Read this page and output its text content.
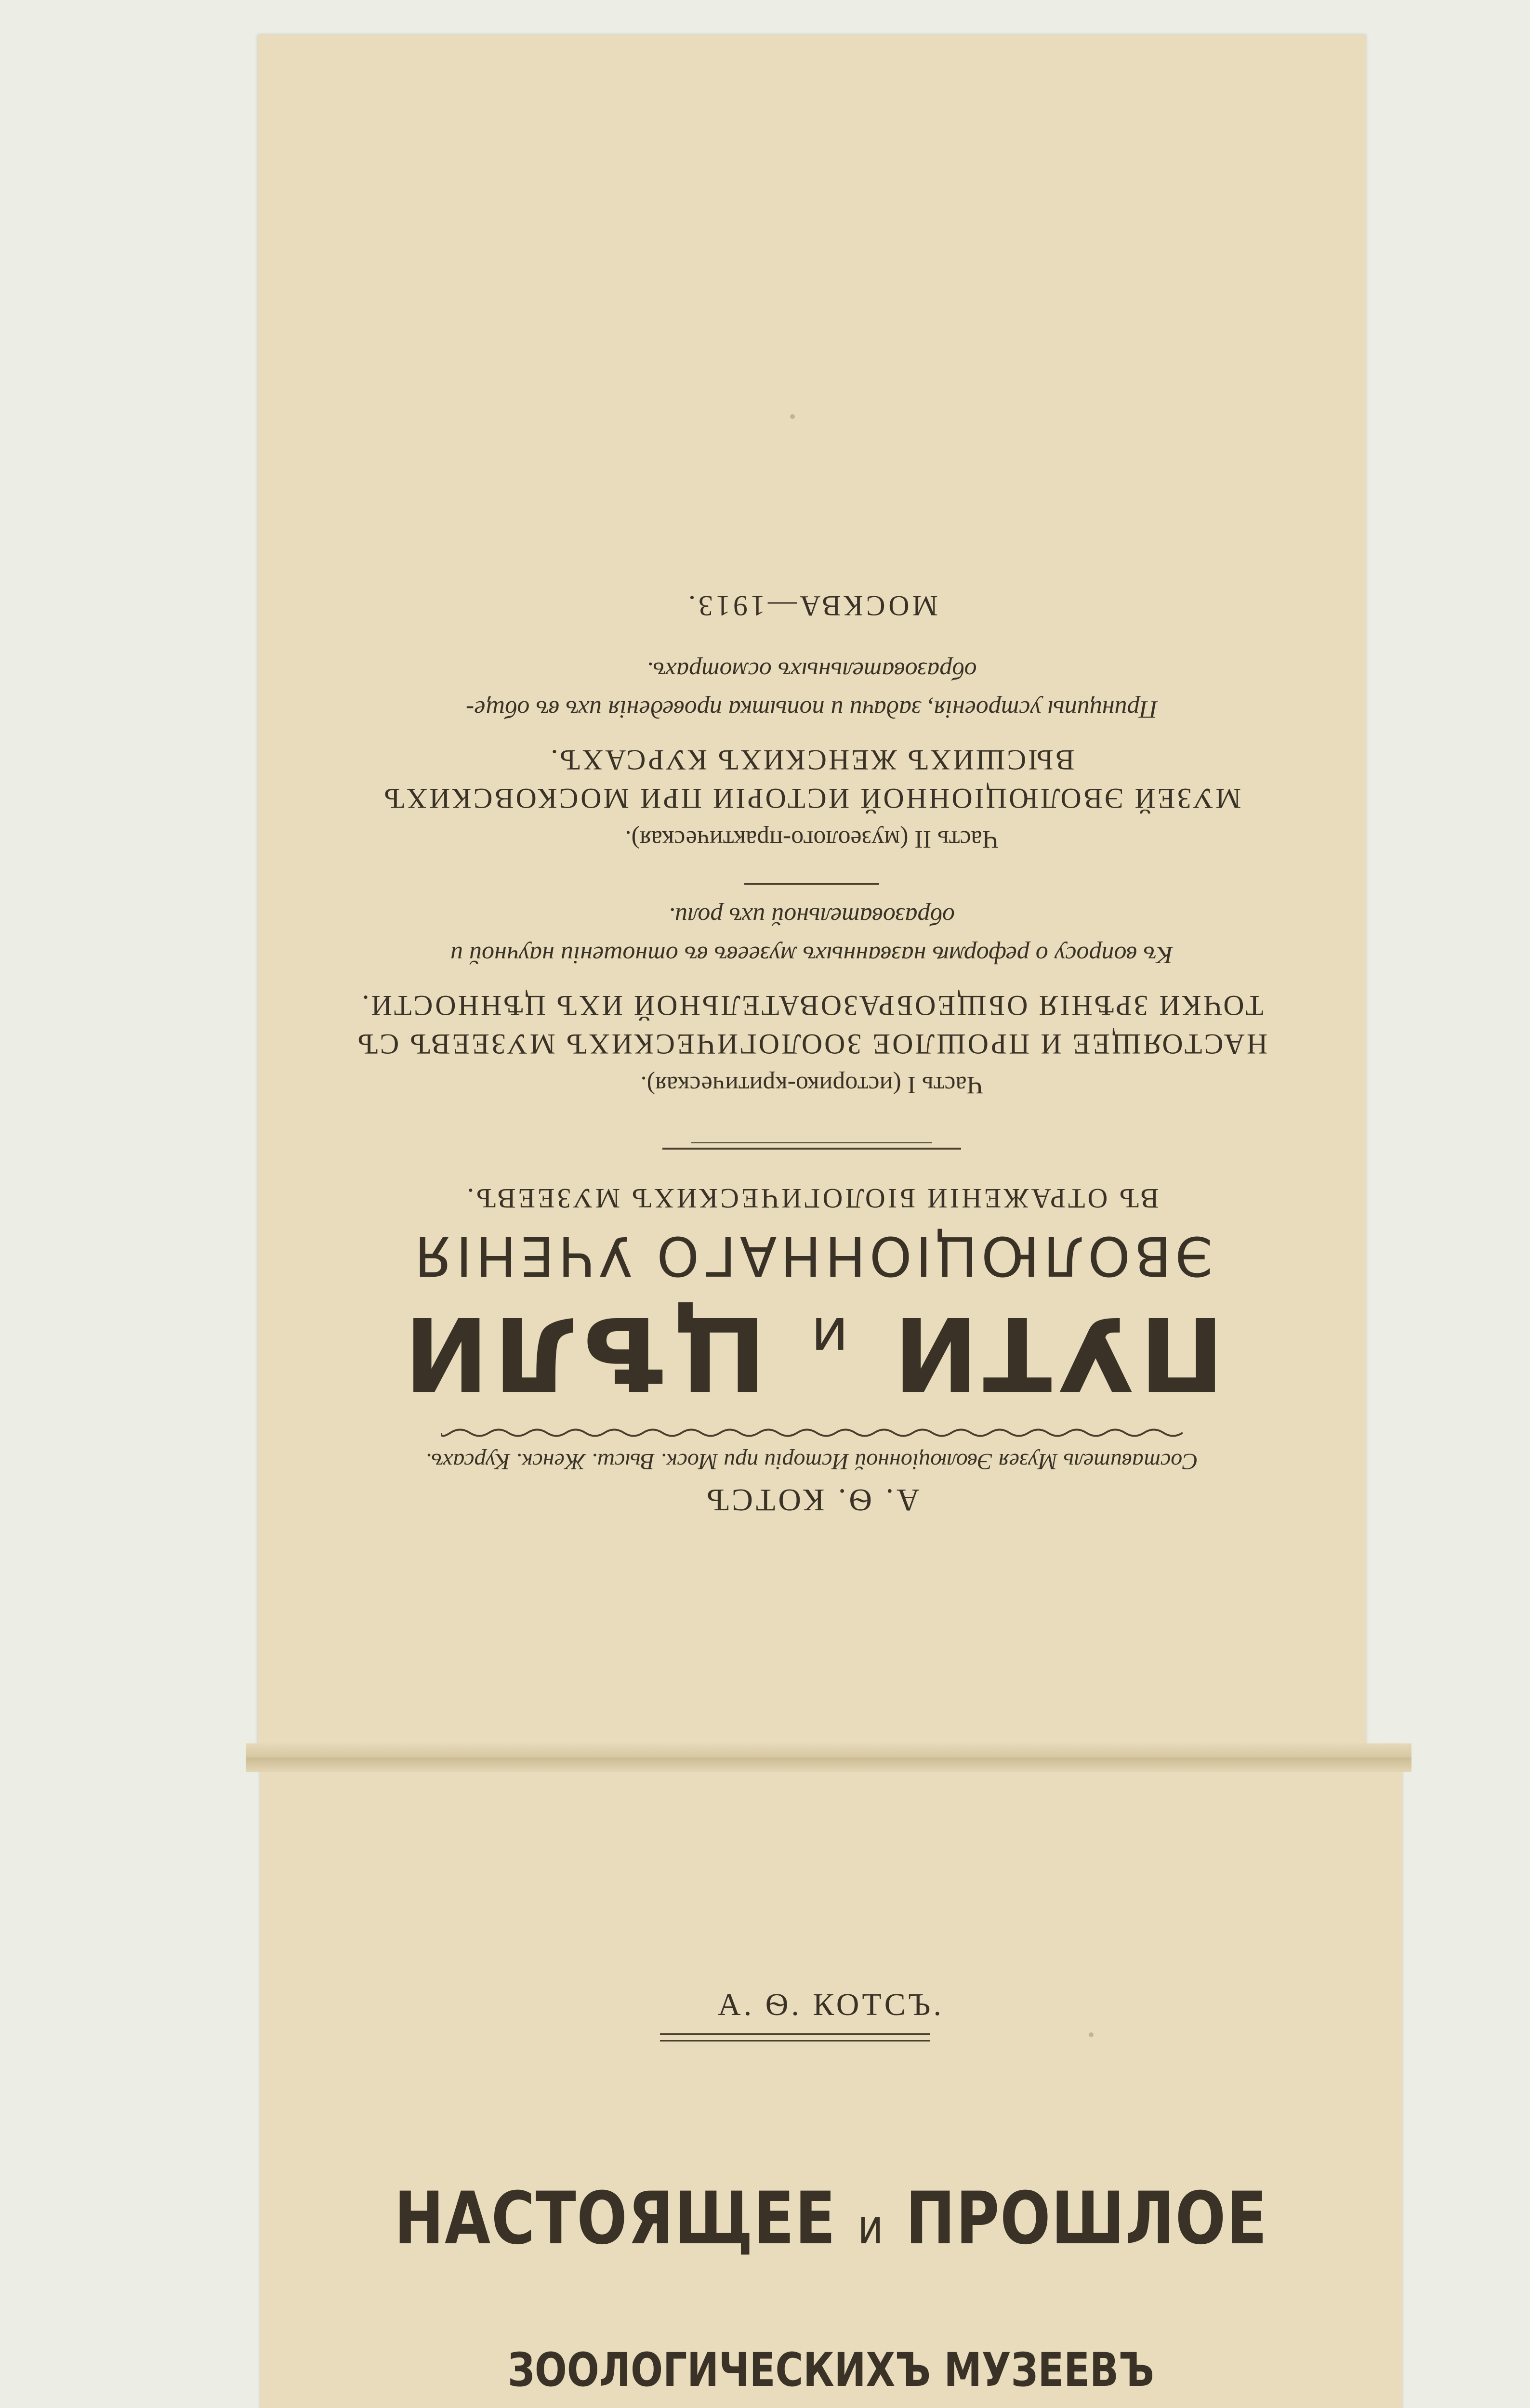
А. Ѳ. КОТСЪ
Составитель Музея Эволюціонной Исторіи при Моск. Высш. Женск. Курсахъ.
ПУТИ и ЦѢЛИ
ЭВОЛЮЦІОННАГО УЧЕНІЯ
ВЪ ОТРАЖЕНІИ БІОЛОГИЧЕСКИХЪ МУЗЕЕВЪ.
Часть I (историко-критическая).
НАСТОЯЩЕЕ И ПРОШЛОЕ ЗООЛОГИЧЕСКИХЪ МУЗЕЕВЪ СЪ
ТОЧКИ ЗРѢНІЯ ОБЩЕОБРАЗОВАТЕЛЬНОЙ ИХЪ ЦѢННОСТИ.
Къ вопросу о реформѣ названныхъ музеевъ въ отношеніи научной и
образовательной ихъ роли.
Часть II (музеолого-практическая).
МУЗЕЙ ЭВОЛЮЦІОННОЙ ИСТОРІИ ПРИ МОСКОВСКИХЪ
ВЫСШИХЪ ЖЕНСКИХЪ КУРСАХЪ.
Принципы устроенія, задачи и попытка проведенія ихъ въ обще-
образовательныхъ осмотрахъ.
МОСКВА—1913.
А. Ѳ. КОТСЪ.
НАСТОЯЩЕЕ и ПРОШЛОЕ
ЗООЛОГИЧЕСКИХЪ МУЗЕЕВЪ
